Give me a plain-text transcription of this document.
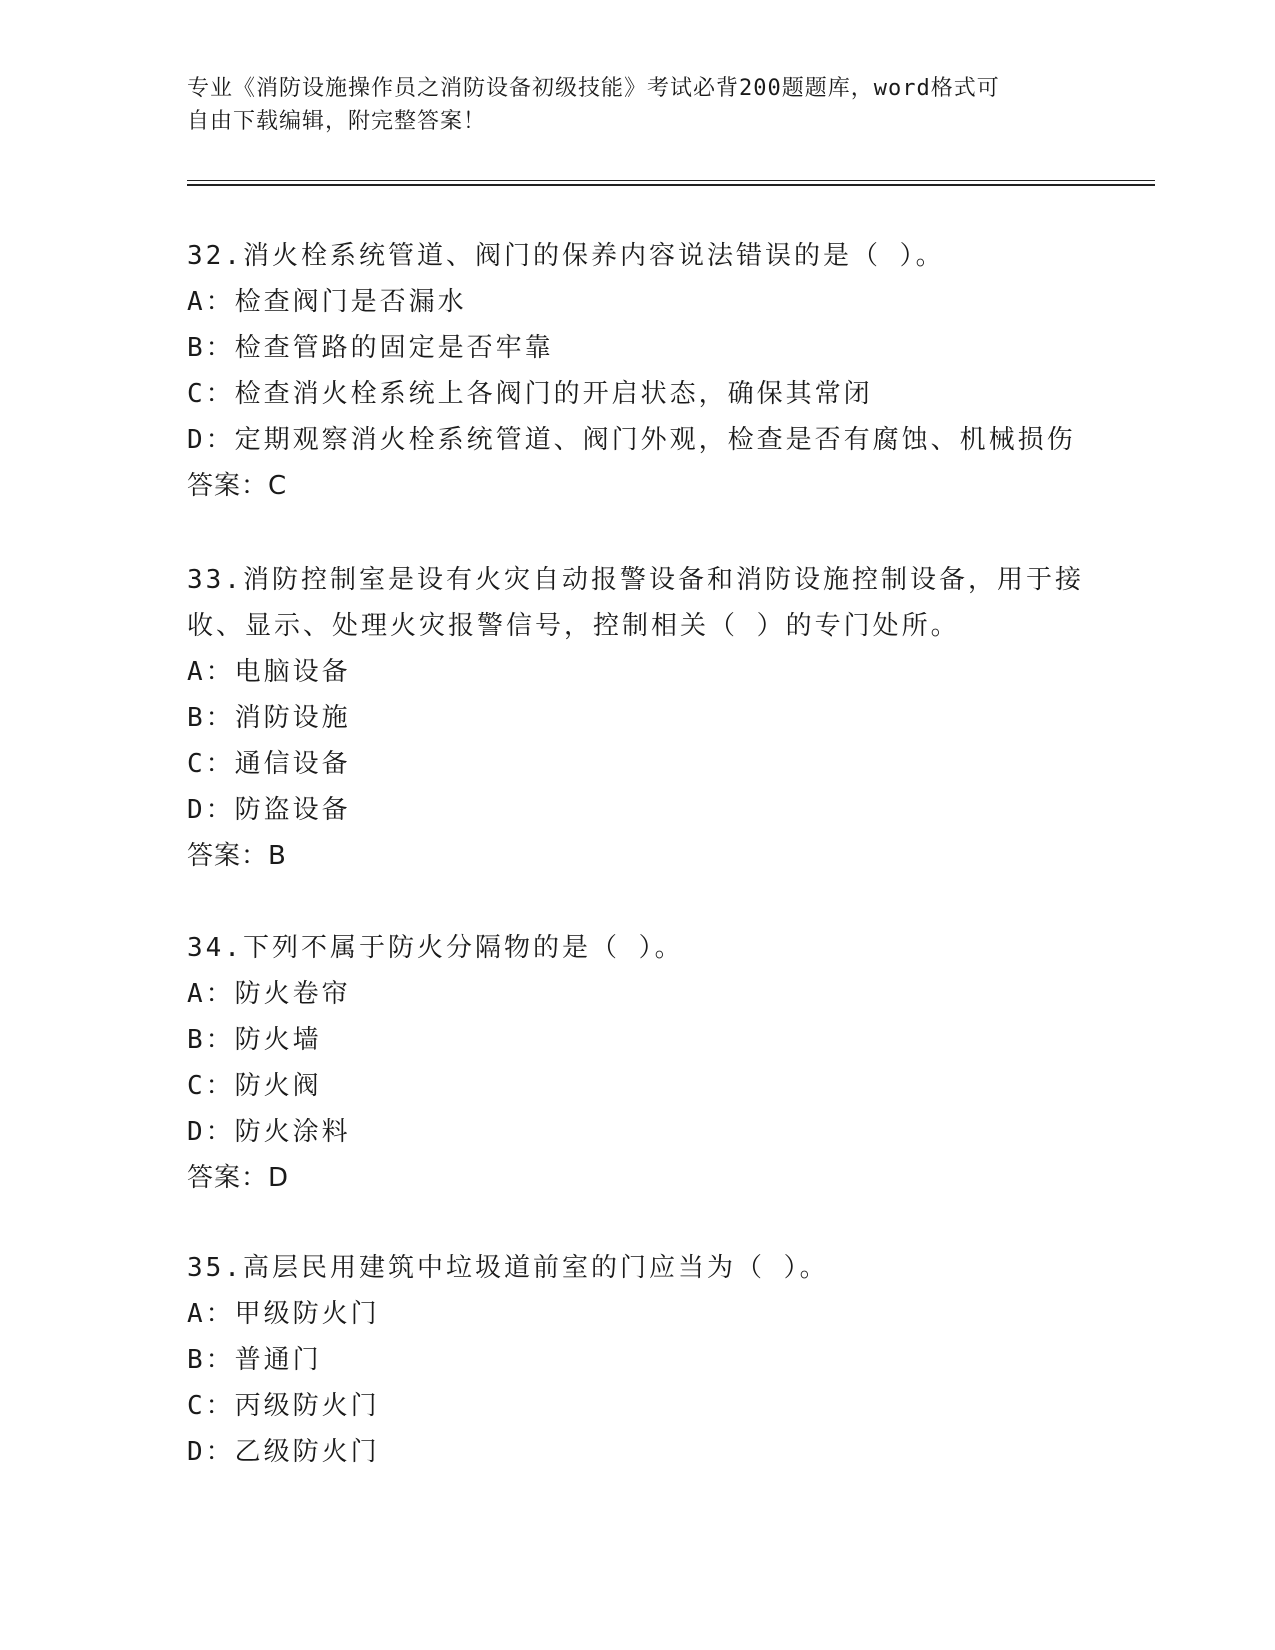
专业《消防设施操作员之消防设备初级技能》考试必背200题题库，word格式可
自由下载编辑，附完整答案！
32.消火栓系统管道、阀门的保养内容说法错误的是（ ）。
A：检查阀门是否漏水
B：检查管路的固定是否牢靠
C：检查消火栓系统上各阀门的开启状态，确保其常闭
D：定期观察消火栓系统管道、阀门外观，检查是否有腐蚀、机械损伤
答案：C
33.消防控制室是设有火灾自动报警设备和消防设施控制设备，用于接收、显示、处理火灾报警信号，控制相关（ ）的专门处所。
A：电脑设备
B：消防设施
C：通信设备
D：防盗设备
答案：B
34.下列不属于防火分隔物的是（ ）。
A：防火卷帘
B：防火墙
C：防火阀
D：防火涂料
答案：D
35.高层民用建筑中垃圾道前室的门应当为（ ）。
A：甲级防火门
B：普通门
C：丙级防火门
D：乙级防火门
